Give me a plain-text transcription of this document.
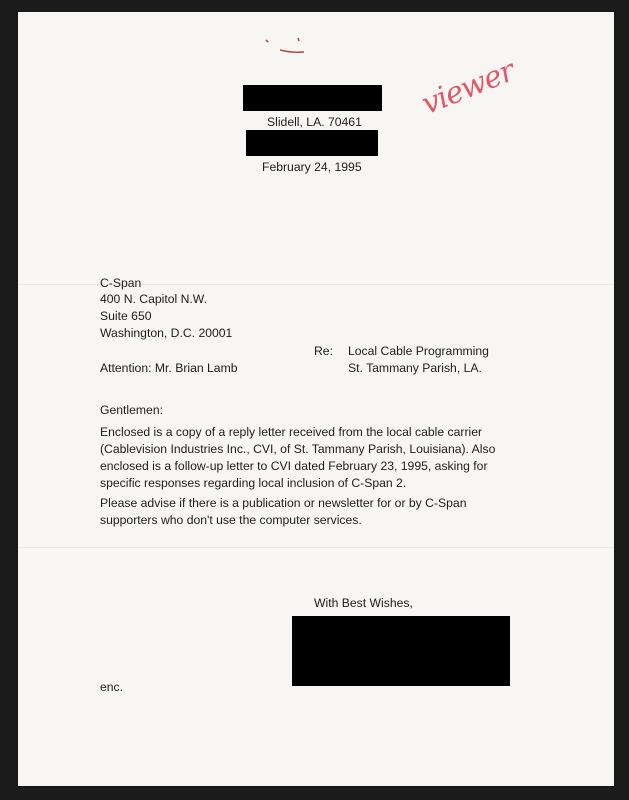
Slidell, LA. 70461
February 24, 1995
viewer
C-Span
400 N. Capitol N.W.
Suite 650
Washington, D.C. 20001
Re: Local Cable Programming
Attention: Mr. Brian Lamb	St. Tammany Parish, LA.
Gentlemen:
Enclosed is a copy of a reply letter received from the local cable carrier (Cablevision Industries Inc., CVI, of St. Tammany Parish, Louisiana). Also enclosed is a follow-up letter to CVI dated February 23, 1995, asking for specific responses regarding local inclusion of C-Span 2.
Please advise if there is a publication or newsletter for or by C-Span supporters who don't use the computer services.
With Best Wishes,
enc.
